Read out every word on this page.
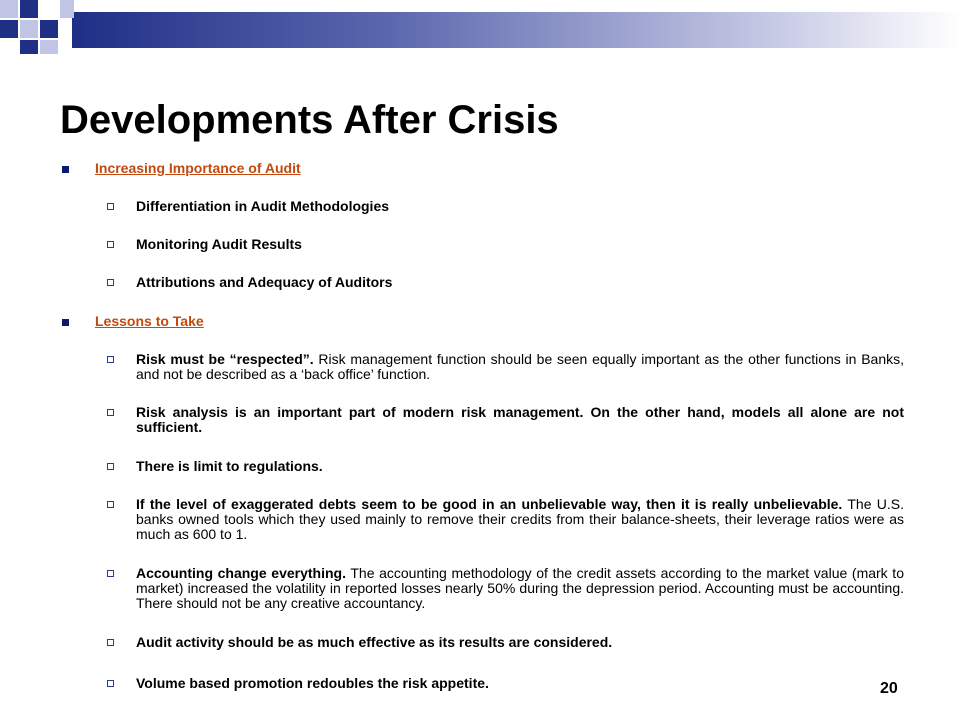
Developments After Crisis
Increasing Importance of Audit
Differentiation in Audit Methodologies
Monitoring Audit Results
Attributions and Adequacy of Auditors
Lessons to Take
Risk must be “respected”. Risk management function should be seen equally important as the other functions in Banks, and not be described as a ‘back office’ function.
Risk analysis is an important part of modern risk management. On the other hand, models all alone are not sufficient.
There is limit to regulations.
If the level of exaggerated debts seem to be good in an unbelievable way, then it is really unbelievable. The U.S. banks owned tools which they used mainly to remove their credits from their balance-sheets, their leverage ratios were as much as 600 to 1.
Accounting change everything. The accounting methodology of the credit assets according to the market value (mark to market) increased the volatility in reported losses nearly 50% during the depression period. Accounting must be accounting. There should not be any creative accountancy.
Audit activity should be as much effective as its results are considered.
Volume based promotion redoubles the risk appetite.	20
